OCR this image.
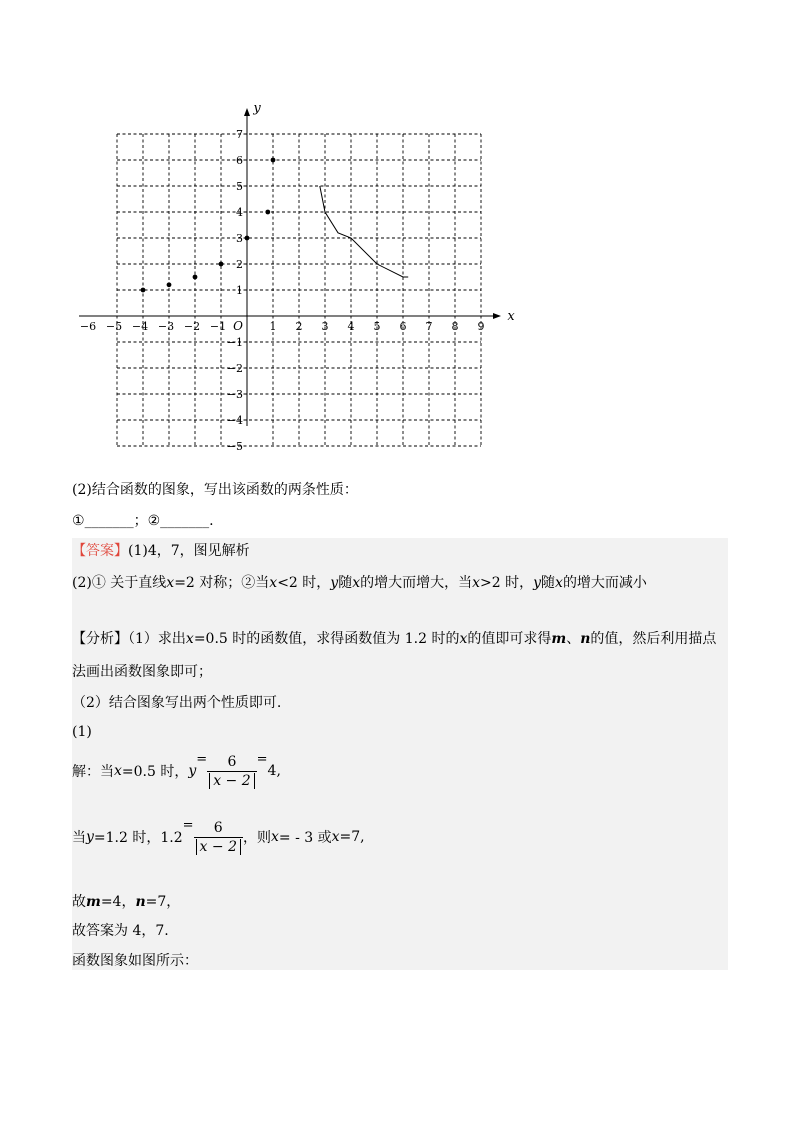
x
y
O
−6 −5 −4 −3 −2 −1	1 2 3 4 5 6 7 8 9
7
6
5
4
3
2
1
−1
−2
−3
−4
−5
(2)结合函数的图象，写出该函数的两条性质：
①_______；②_______.
【答案】(1)4，7，图见解析
(2)① 关于直线x=2 对称；②当x<2 时，y随x的增大而增大，当x>2 时，y随x的增大而减小
【分析】（1）求出x=0.5 时的函数值，求得函数值为 1.2 时的x的值即可求得m、n的值，然后利用描点
法画出函数图象即可；
（2）结合图象写出两个性质即可.
(1)
解：当x=0.5 时，$y= \frac{6}{x - 2} =4$,
当y=1.2 时，$1.2= \frac{6}{x - 2}$ ，则x= - 3 或x=7,
故m=4，n=7，
故答案为 4，7.
函数图象如图所示：
